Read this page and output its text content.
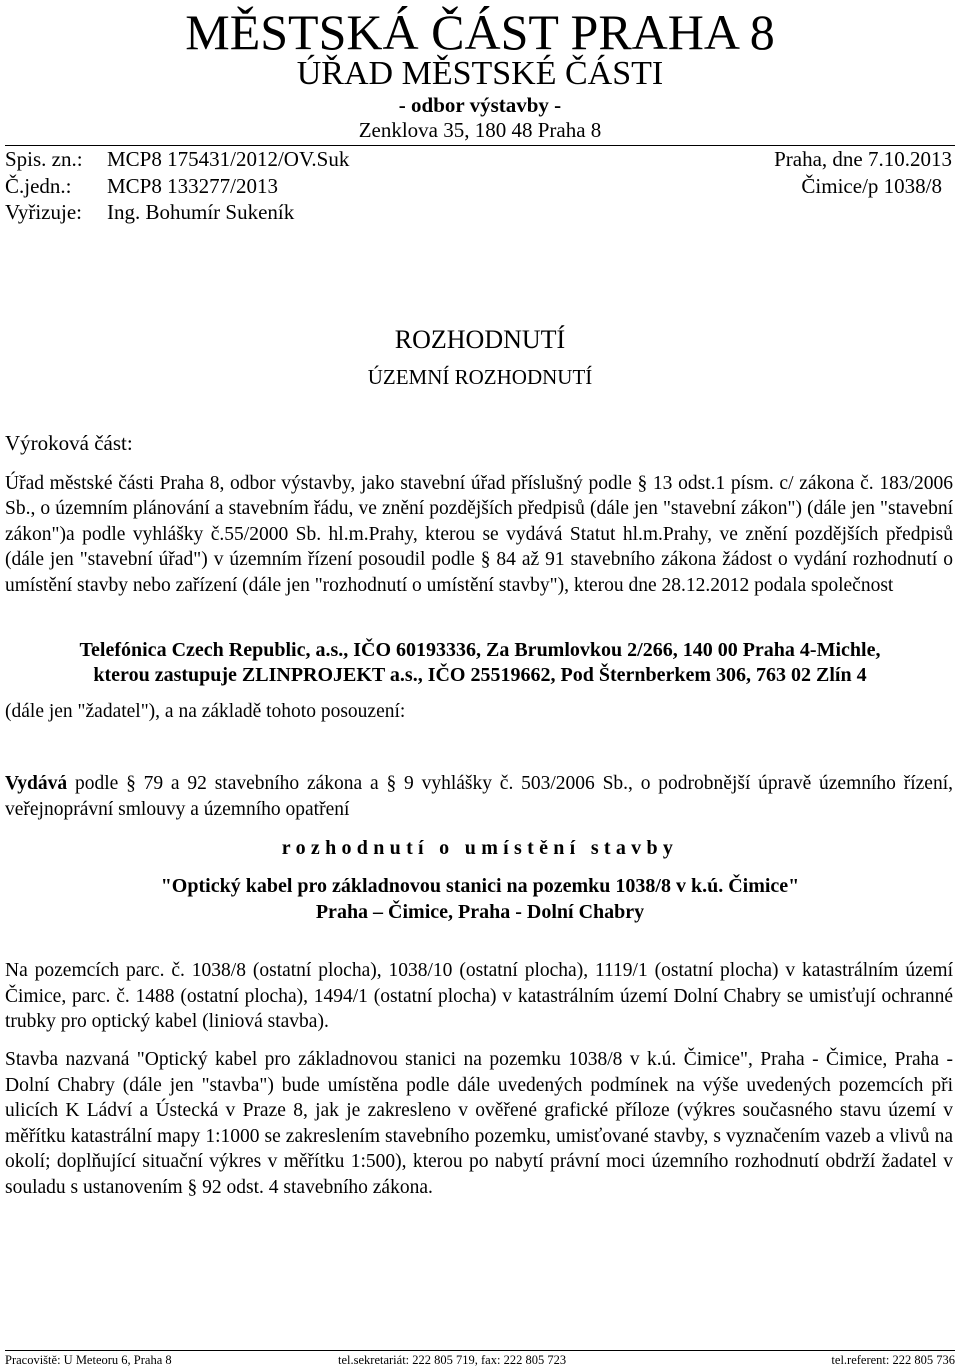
MĚSTSKÁ ČÁST PRAHA 8
ÚŘAD MĚSTSKÉ ČÁSTI
- odbor výstavby -
Zenklova 35, 180 48 Praha 8
Spis. zn.: MCP8 175431/2012/OV.Suk	Praha, dne 7.10.2013
Č.jedn.: MCP8 133277/2013	Čimice/p 1038/8
Vyřizuje: Ing. Bohumír Sukeník
ROZHODNUTÍ
ÚZEMNÍ ROZHODNUTÍ
Výroková část:
Úřad městské části Praha 8, odbor výstavby, jako stavební úřad příslušný podle § 13 odst.1 písm. c/ zákona č. 183/2006 Sb., o územním plánování a stavebním řádu, ve znění pozdějších předpisů (dále jen "stavební zákon") (dále jen "stavební zákon")a podle vyhlášky č.55/2000 Sb. hl.m.Prahy, kterou se vydává Statut hl.m.Prahy, ve znění pozdějších předpisů (dále jen "stavební úřad") v územním řízení posoudil podle § 84 až 91 stavebního zákona žádost o vydání rozhodnutí o umístění stavby nebo zařízení (dále jen "rozhodnutí o umístění stavby"), kterou dne 28.12.2012 podala společnost
Telefónica Czech Republic, a.s., IČO 60193336, Za Brumlovkou 2/266, 140 00 Praha 4-Michle,
kterou zastupuje ZLINPROJEKT a.s., IČO 25519662, Pod Šternberkem 306, 763 02 Zlín 4
(dále jen "žadatel"), a na základě tohoto posouzení:
Vydává podle § 79 a 92 stavebního zákona a § 9 vyhlášky č. 503/2006 Sb., o podrobnější úpravě územního řízení, veřejnoprávní smlouvy a územního opatření
rozhodnutí o umístění stavby
"Optický kabel pro základnovou stanici na pozemku 1038/8 v k.ú. Čimice"
Praha – Čimice, Praha - Dolní Chabry
Na pozemcích parc. č. 1038/8 (ostatní plocha), 1038/10 (ostatní plocha), 1119/1 (ostatní plocha) v katastrálním území Čimice, parc. č. 1488 (ostatní plocha), 1494/1 (ostatní plocha) v katastrálním území Dolní Chabry se umisťují ochranné trubky pro optický kabel (liniová stavba).
Stavba nazvaná "Optický kabel pro základnovou stanici na pozemku 1038/8 v k.ú. Čimice", Praha - Čimice, Praha - Dolní Chabry (dále jen "stavba") bude umístěna podle dále uvedených podmínek na výše uvedených pozemcích při ulicích K Ládví a Ústecká v Praze 8, jak je zakresleno v ověřené grafické příloze (výkres současného stavu území v měřítku katastrální mapy 1:1000 se zakreslením stavebního pozemku, umisťované stavby, s vyznačením vazeb a vlivů na okolí; doplňující situační výkres v měřítku 1:500), kterou po nabytí právní moci územního rozhodnutí obdrží žadatel v souladu s ustanovením § 92 odst. 4 stavebního zákona.
Pracoviště: U Meteoru 6, Praha 8	tel.sekretariát: 222 805 719, fax: 222 805 723	tel.referent: 222 805 736
